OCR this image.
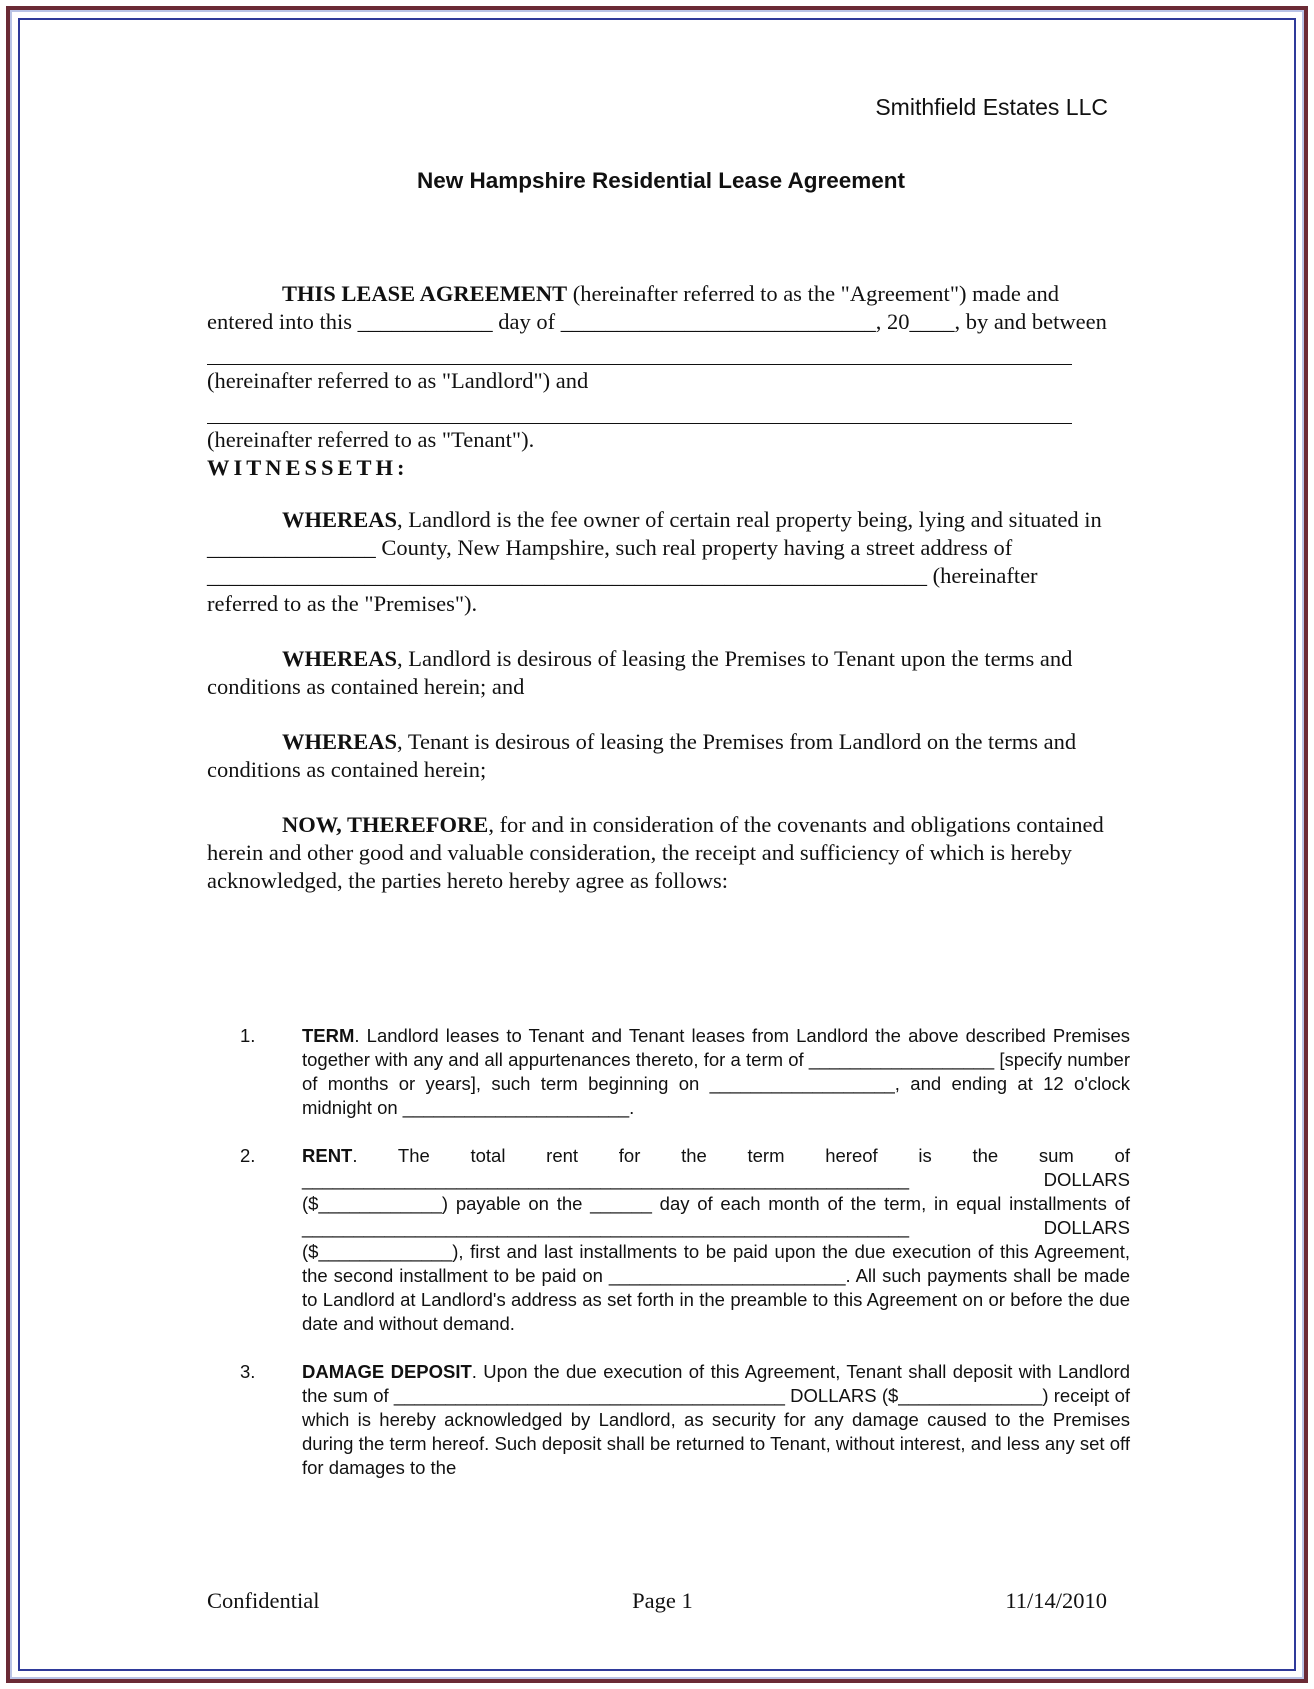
Smithfield Estates LLC
New Hampshire Residential Lease Agreement

THIS LEASE AGREEMENT (hereinafter referred to as the "Agreement") made and entered into this ____________ day of ____________________________, 20____, by and between

(hereinafter referred to as "Landlord") and

(hereinafter referred to as "Tenant").

WITNESSETH:

WHEREAS, Landlord is the fee owner of certain real property being, lying and situated in _______________ County, New Hampshire, such real property having a street address of ________________________________________________________________ (hereinafter referred to as the "Premises").

WHEREAS, Landlord is desirous of leasing the Premises to Tenant upon the terms and conditions as contained herein; and

WHEREAS, Tenant is desirous of leasing the Premises from Landlord on the terms and conditions as contained herein;

NOW, THEREFORE, for and in consideration of the covenants and obligations contained herein and other good and valuable consideration, the receipt and sufficiency of which is hereby acknowledged, the parties hereto hereby agree as follows:

1.	TERM. Landlord leases to Tenant and Tenant leases from Landlord the above described Premises together with any and all appurtenances thereto, for a term of __________________ [specify number of months or years], such term beginning on __________________, and ending at 12 o'clock midnight on ______________________.
2.	RENT. The total rent for the term hereof is the sum of ___________________________________________________________ DOLLARS ($____________) payable on the ______ day of each month of the term, in equal installments of ___________________________________________________________ DOLLARS ($_____________), first and last installments to be paid upon the due execution of this Agreement, the second installment to be paid on _______________________. All such payments shall be made to Landlord at Landlord's address as set forth in the preamble to this Agreement on or before the due date and without demand.
3.	DAMAGE DEPOSIT. Upon the due execution of this Agreement, Tenant shall deposit with Landlord the sum of ______________________________________ DOLLARS ($______________) receipt of which is hereby acknowledged by Landlord, as security for any damage caused to the Premises during the term hereof. Such deposit shall be returned to Tenant, without interest, and less any set off for damages to the
Confidential	Page 1	11/14/2010
